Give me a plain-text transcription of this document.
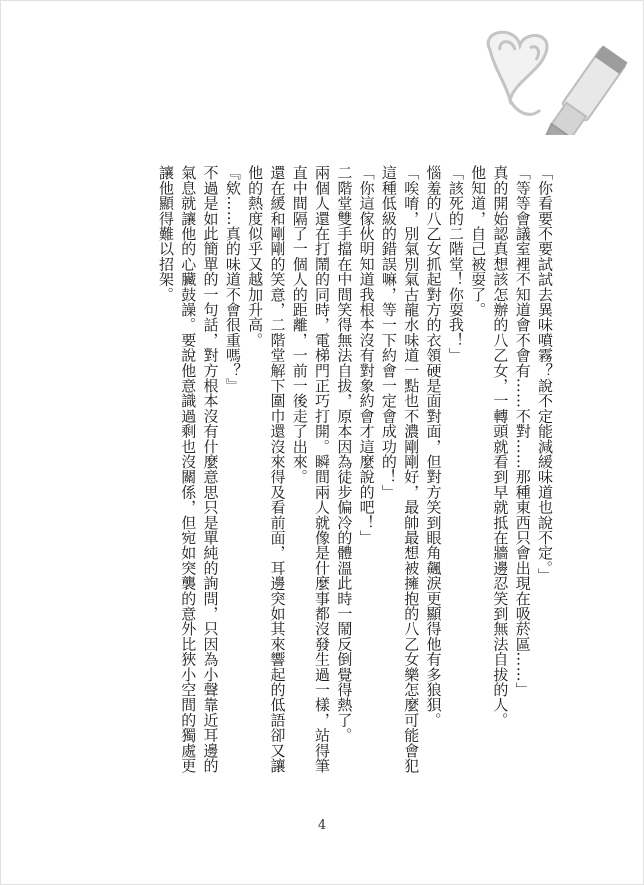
「你看要不要試試去異味噴霧？說不定能減緩味道也說不定。」

「等等會議室裡不知道會不會有……不對……那種東西只會出現在吸菸區……」

真的開始認真想該怎辦的八乙女，一轉頭就看到早就抵在牆邊忍笑到無法自拔的人。

他知道，自己被耍了。

「該死的二階堂！你耍我！」

惱羞的八乙女抓起對方的衣領硬是面對面，但對方笑到眼角飆淚更顯得他有多狼狽。

「唉唷，別氣別氣古龍水味道一點也不濃剛剛好，最帥最想被擁抱的八乙女樂怎麼可能會犯這種低級的錯誤嘛，等一下約會一定會成功的！」

「你這傢伙明知道我根本沒有對象約會才這麼說的吧！」

二階堂雙手擋在中間笑得無法自拔，原本因為徒步偏冷的體溫此時一鬧反倒覺得熱了。

兩個人還在打鬧的同時，電梯門正巧打開。瞬間兩人就像是什麼事都沒發生過一樣，站得筆直中間隔了一個人的距離，一前一後走了出來。

還在緩和剛剛的笑意，二階堂解下圍巾還沒來得及看前面，耳邊突如其來響起的低語卻又讓他的熱度似乎又越加升高。

『欸……真的味道不會很重嗎？』

不過是如此簡單的一句話，對方根本沒有什麼意思只是單純的詢問，只因為小聲靠近耳邊的氣息就讓他的心臟鼓譟。要說他意識過剩也沒關係，但宛如突襲的意外比狹小空間的獨處更讓他顯得難以招架。

4
